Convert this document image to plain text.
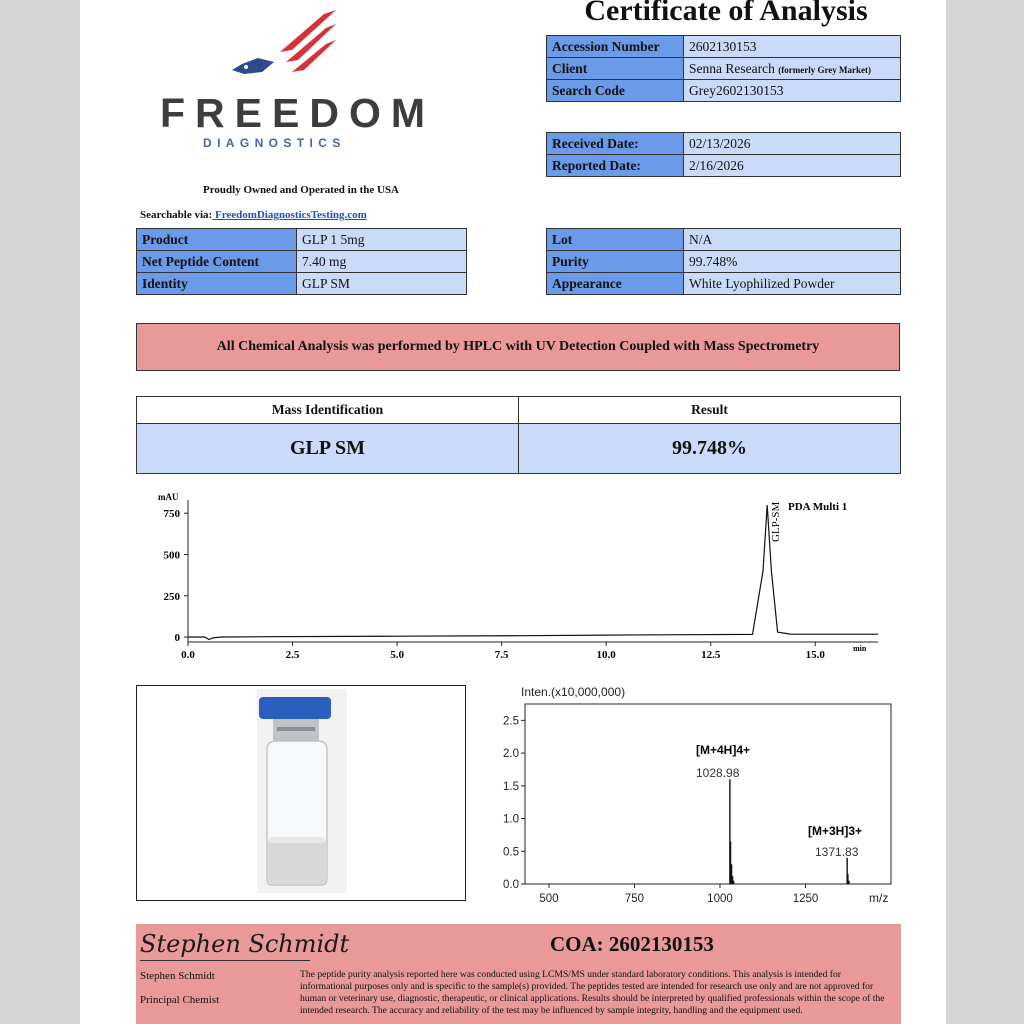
Certificate of Analysis
FREEDOM
DIAGNOSTICS
Proudly Owned and Operated in the USA
Searchable via: FreedomDiagnosticsTesting.com
Accession Number	2602130153
Client	Senna Research (formerly Grey Market)
Search Code	Grey2602130153
Received Date:	02/13/2026
Reported Date:	2/16/2026
Product	GLP 1 5mg
Net Peptide Content	7.40 mg
Identity	GLP SM
Lot	N/A
Purity	99.748%
Appearance	White Lyophilized Powder
All Chemical Analysis was performed by HPLC with UV Detection Coupled with Mass Spectrometry
Mass Identification	Result
GLP SM	99.748%
mAU
min
0
250
500
750
0.0	2.5	5.0	7.5	10.0	12.5	15.0
PDA Multi 1
GLP-SM
Inten.(x10,000,000)
m/z
0.0
0.5
1.0
1.5
2.0
2.5
500	750	1000	1250
[M+4H]4+
1028.98
[M+3H]3+
1371.83
Stephen Schmidt	COA: 2602130153
Stephen Schmidt
Principal Chemist
The peptide purity analysis reported here was conducted using LCMS/MS under standard laboratory conditions. This analysis is intended for informational purposes only and is specific to the sample(s) provided. The peptides tested are intended for research use only and are not approved for human or veterinary use, diagnostic, therapeutic, or clinical applications. Results should be interpreted by qualified professionals within the scope of the intended research. The accuracy and reliability of the test may be influenced by sample integrity, handling and the equipment used.
